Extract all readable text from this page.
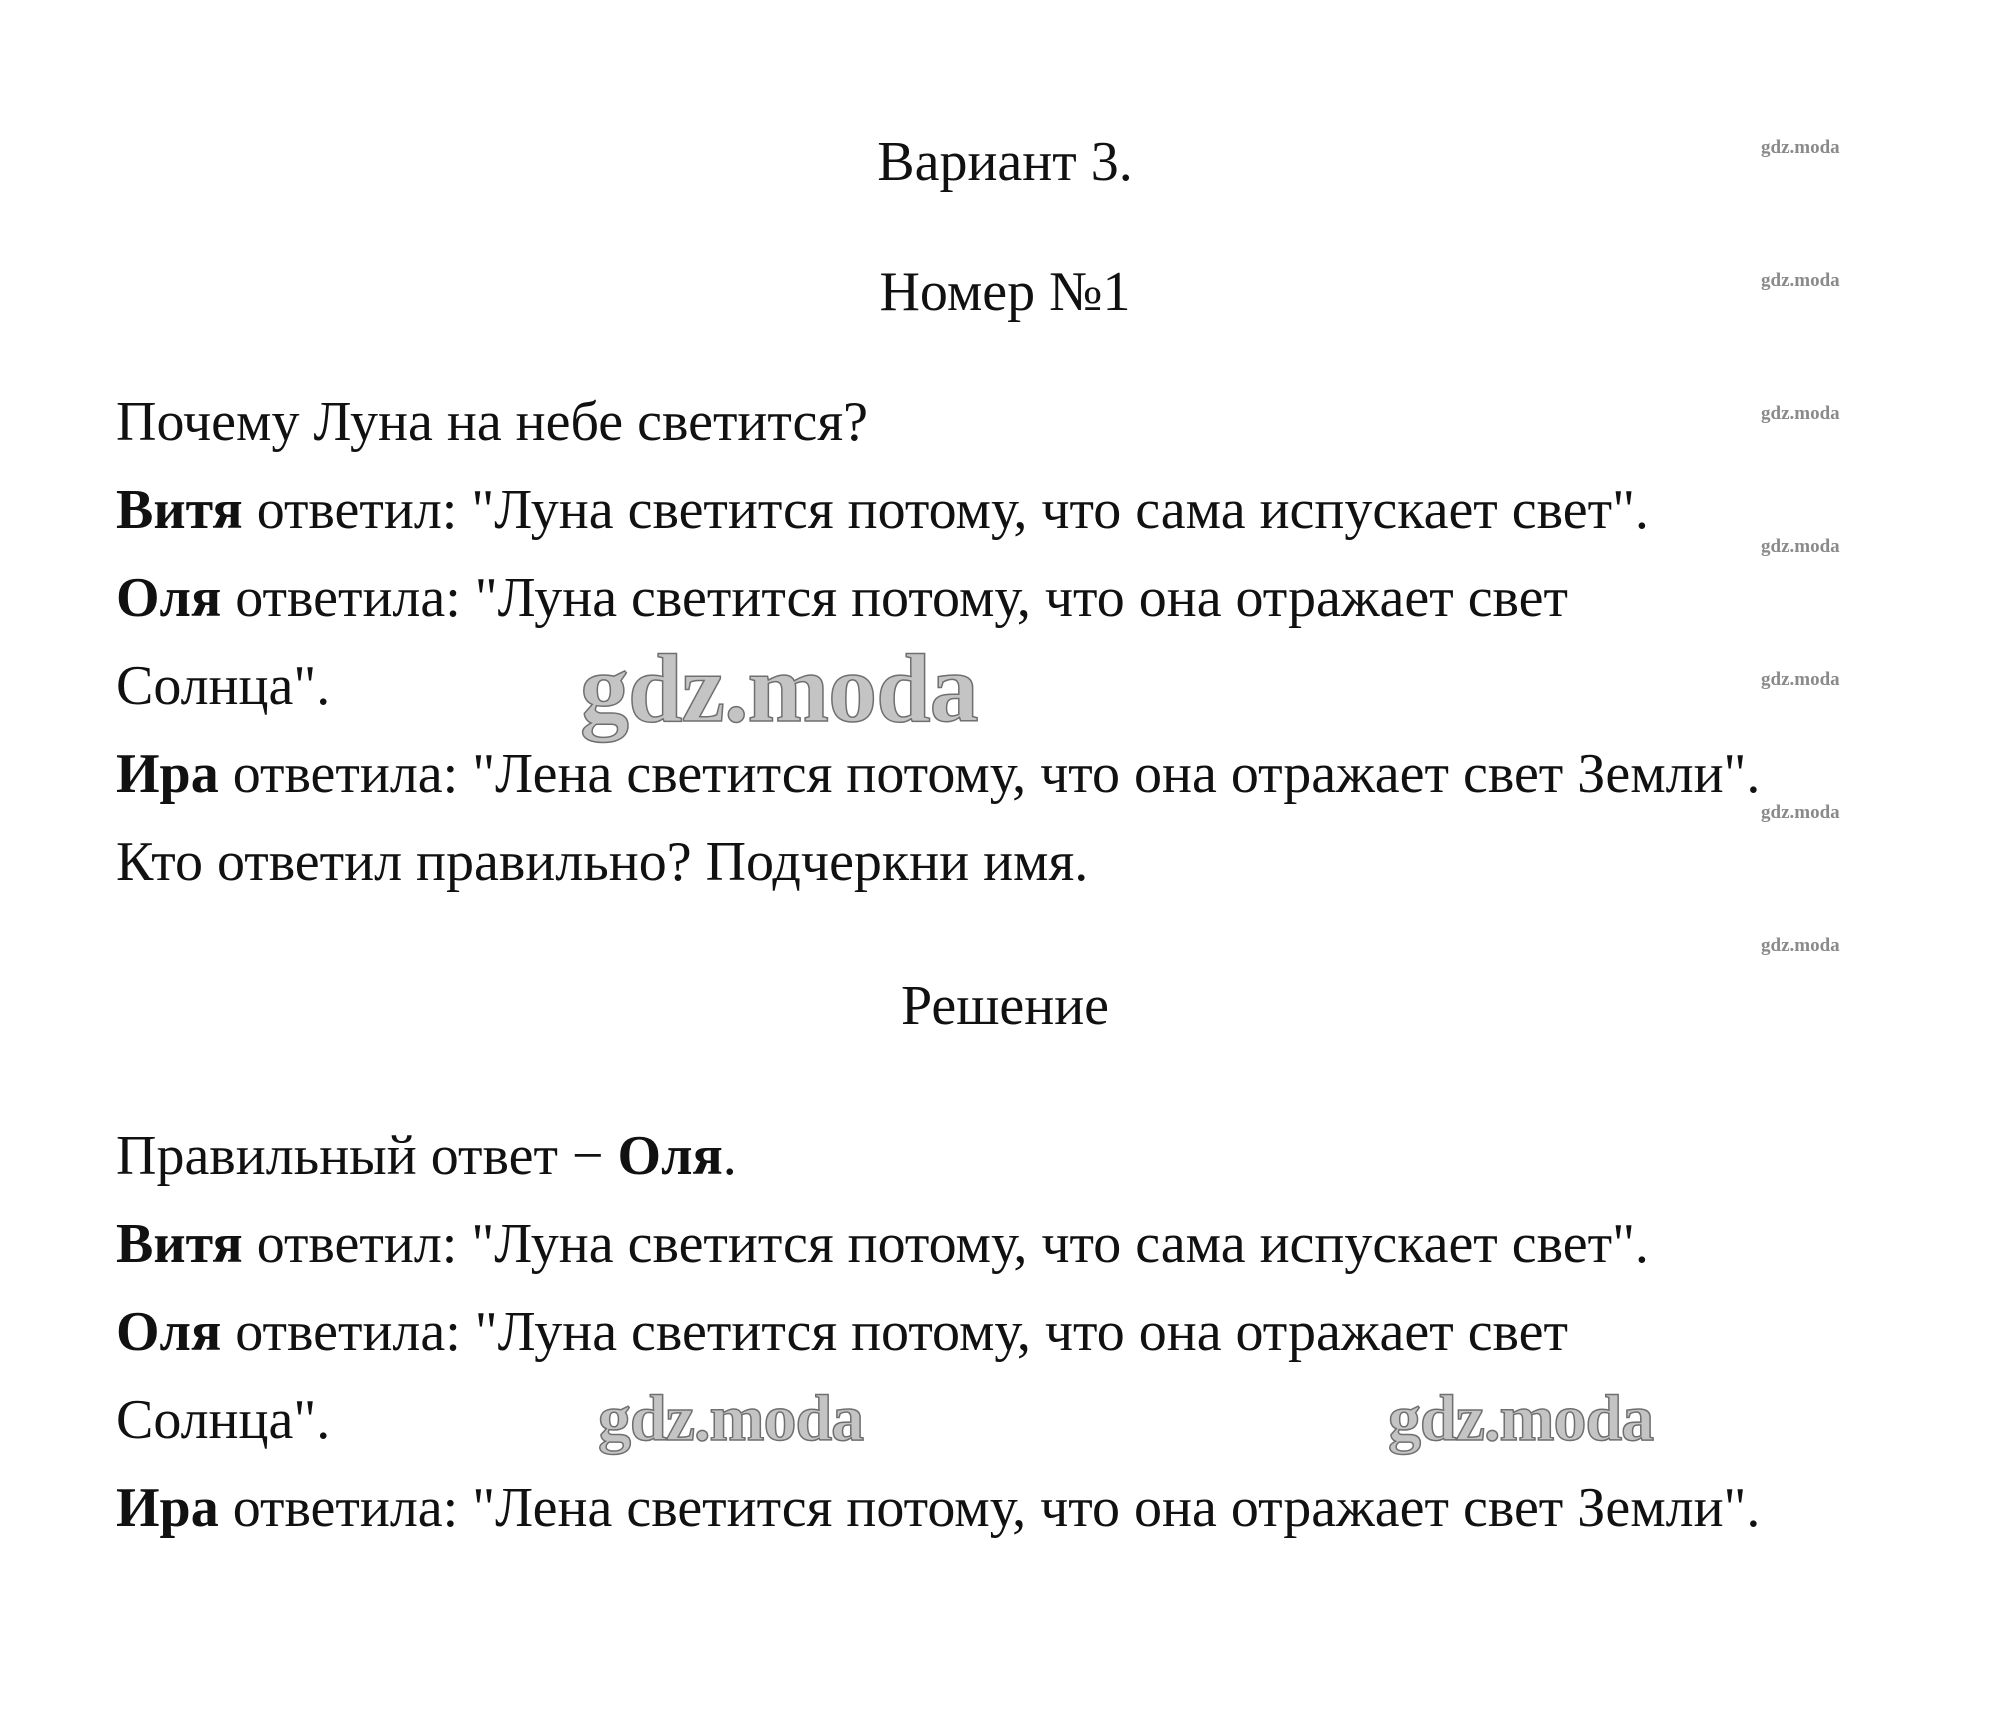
Вариант 3.
Номер №1
Почему Луна на небе светится?
Витя ответил: "Луна светится потому, что сама испускает свет".
Оля ответила: "Луна светится потому, что она отражает свет
Солнца".
Ира ответила: "Лена светится потому, что она отражает свет Земли".
Кто ответил правильно? Подчеркни имя.
Решение
Правильный ответ − Оля.
Витя ответил: "Луна светится потому, что сама испускает свет".
Оля ответила: "Луна светится потому, что она отражает свет
Солнца".
Ира ответила: "Лена светится потому, что она отражает свет Земли".
gdz.moda
gdz.moda
gdz.moda
gdz.moda
gdz.moda
gdz.moda
gdz.moda
gdz.moda
gdz.moda	gdz.moda
